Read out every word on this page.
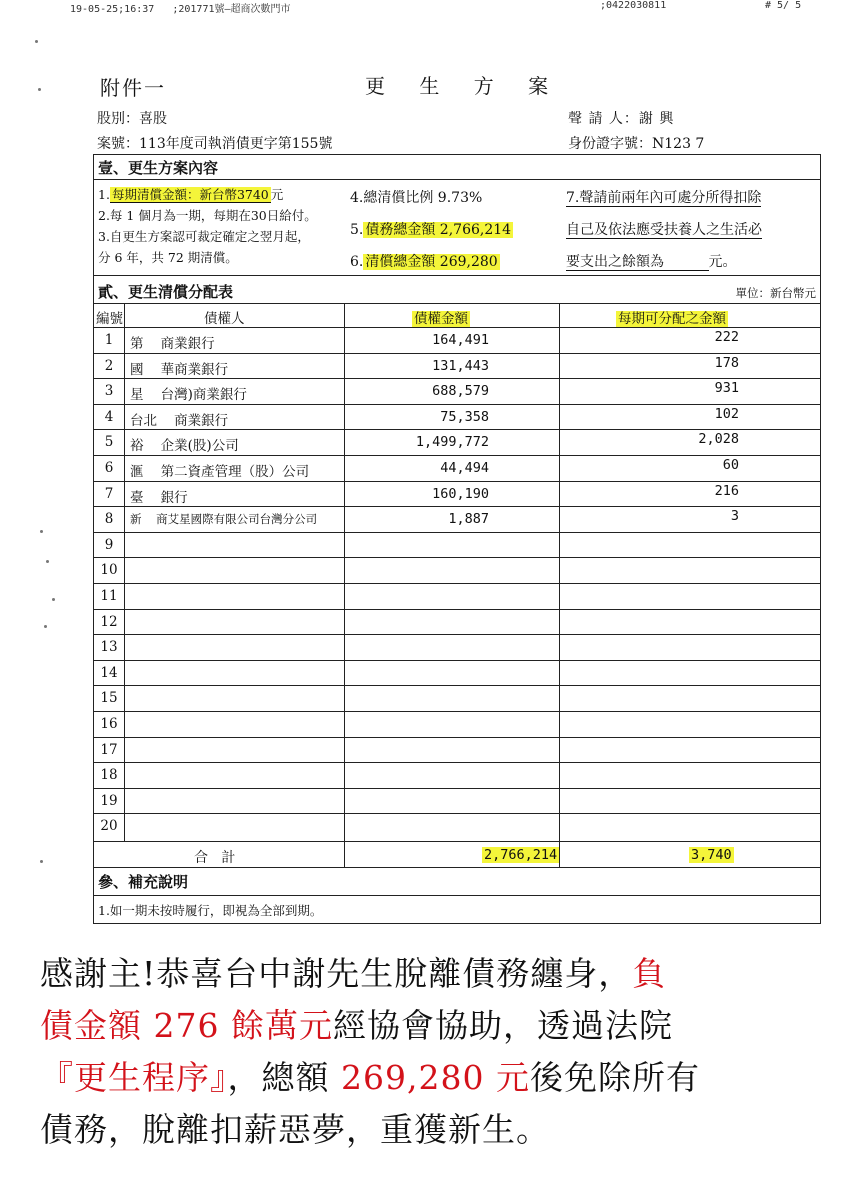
19-05-25;16:37   ;201771號—超商次數門市	;0422030811	# 5/ 5
附件一	更 生 方 案
股別：喜股
案號：113年度司執消債更字第155號
聲 請 人：謝 興
身份證字號：N123 7
壹、更生方案內容
1. 每期清償金額：新台幣3740 元
2.每 1 個月為一期，每期在30日給付。
3.自更生方案認可裁定確定之翌月起，
分 6 年，共 72 期清償。
4.總清償比例 9.73%
5. 債務總金額 2,766,214
6. 清償總金額 269,280
7.聲請前兩年內可處分所得扣除
自己及依法應受扶養人之生活必
要支出之餘額為	元。
貳、更生清償分配表	單位：新台幣元
編號	債權人	債權金額	每期可分配之金額
1	第    商業銀行	164,491	222
2	國    華商業銀行	131,443	178
3	星    台灣)商業銀行	688,579	931
4	台北    商業銀行	75,358	102
5	裕    企業(股)公司	1,499,772	2,028
6	滙    第二資產管理（股）公司	44,494	60
7	臺    銀行	160,190	216
8	新    商艾星國際有限公司台灣分公司	1,887	3
9
10
11
12
13
14
15
16
17
18
19
20
合   計	2,766,214	3,740
參、補充說明
1.如一期未按時履行，即視為全部到期。
感謝主!恭喜台中謝先生脫離債務纏身，負
債金額 276 餘萬元經協會協助，透過法院
『更生程序』，總額 269,280 元後免除所有
債務，脫離扣薪惡夢，重獲新生。
